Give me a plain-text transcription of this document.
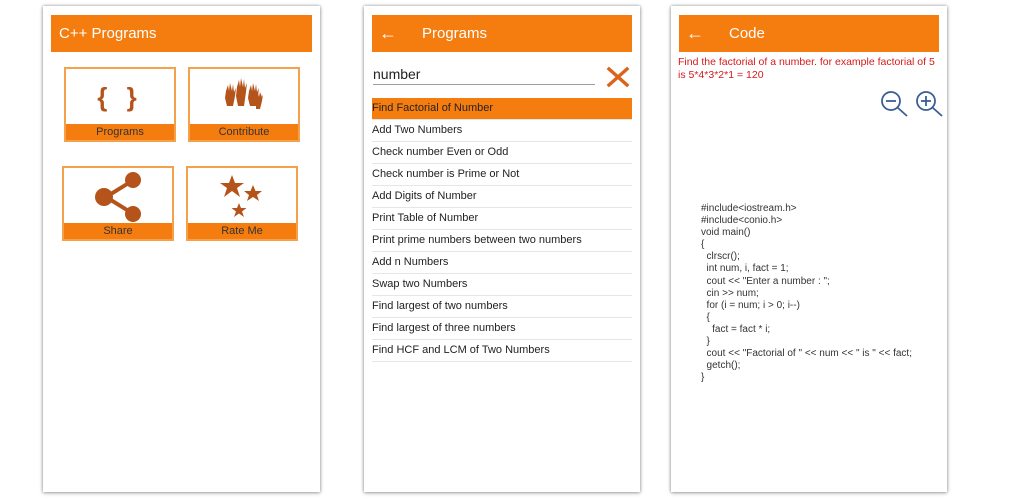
C++ Programs
{ }
Programs	Contribute
Share	Rate Me
←	Programs
number
Find Factorial of Number
Add Two Numbers
Check number Even or Odd
Check number is Prime or Not
Add Digits of Number
Print Table of Number
Print prime numbers between two numbers
Add n Numbers
Swap two Numbers
Find largest of two numbers
Find largest of three numbers
Find HCF and LCM of Two Numbers
←	Code
Find the factorial of a number. for example factorial of 5 is 5*4*3*2*1 = 120
#include<iostream.h>
#include<conio.h>
void main()
{
clrscr();
int num, i, fact = 1;
cout << "Enter a number : ";
cin >> num;
for (i = num; i > 0; i--)
{
fact = fact * i;
}
cout << "Factorial of " << num << " is " << fact;
getch();
}
